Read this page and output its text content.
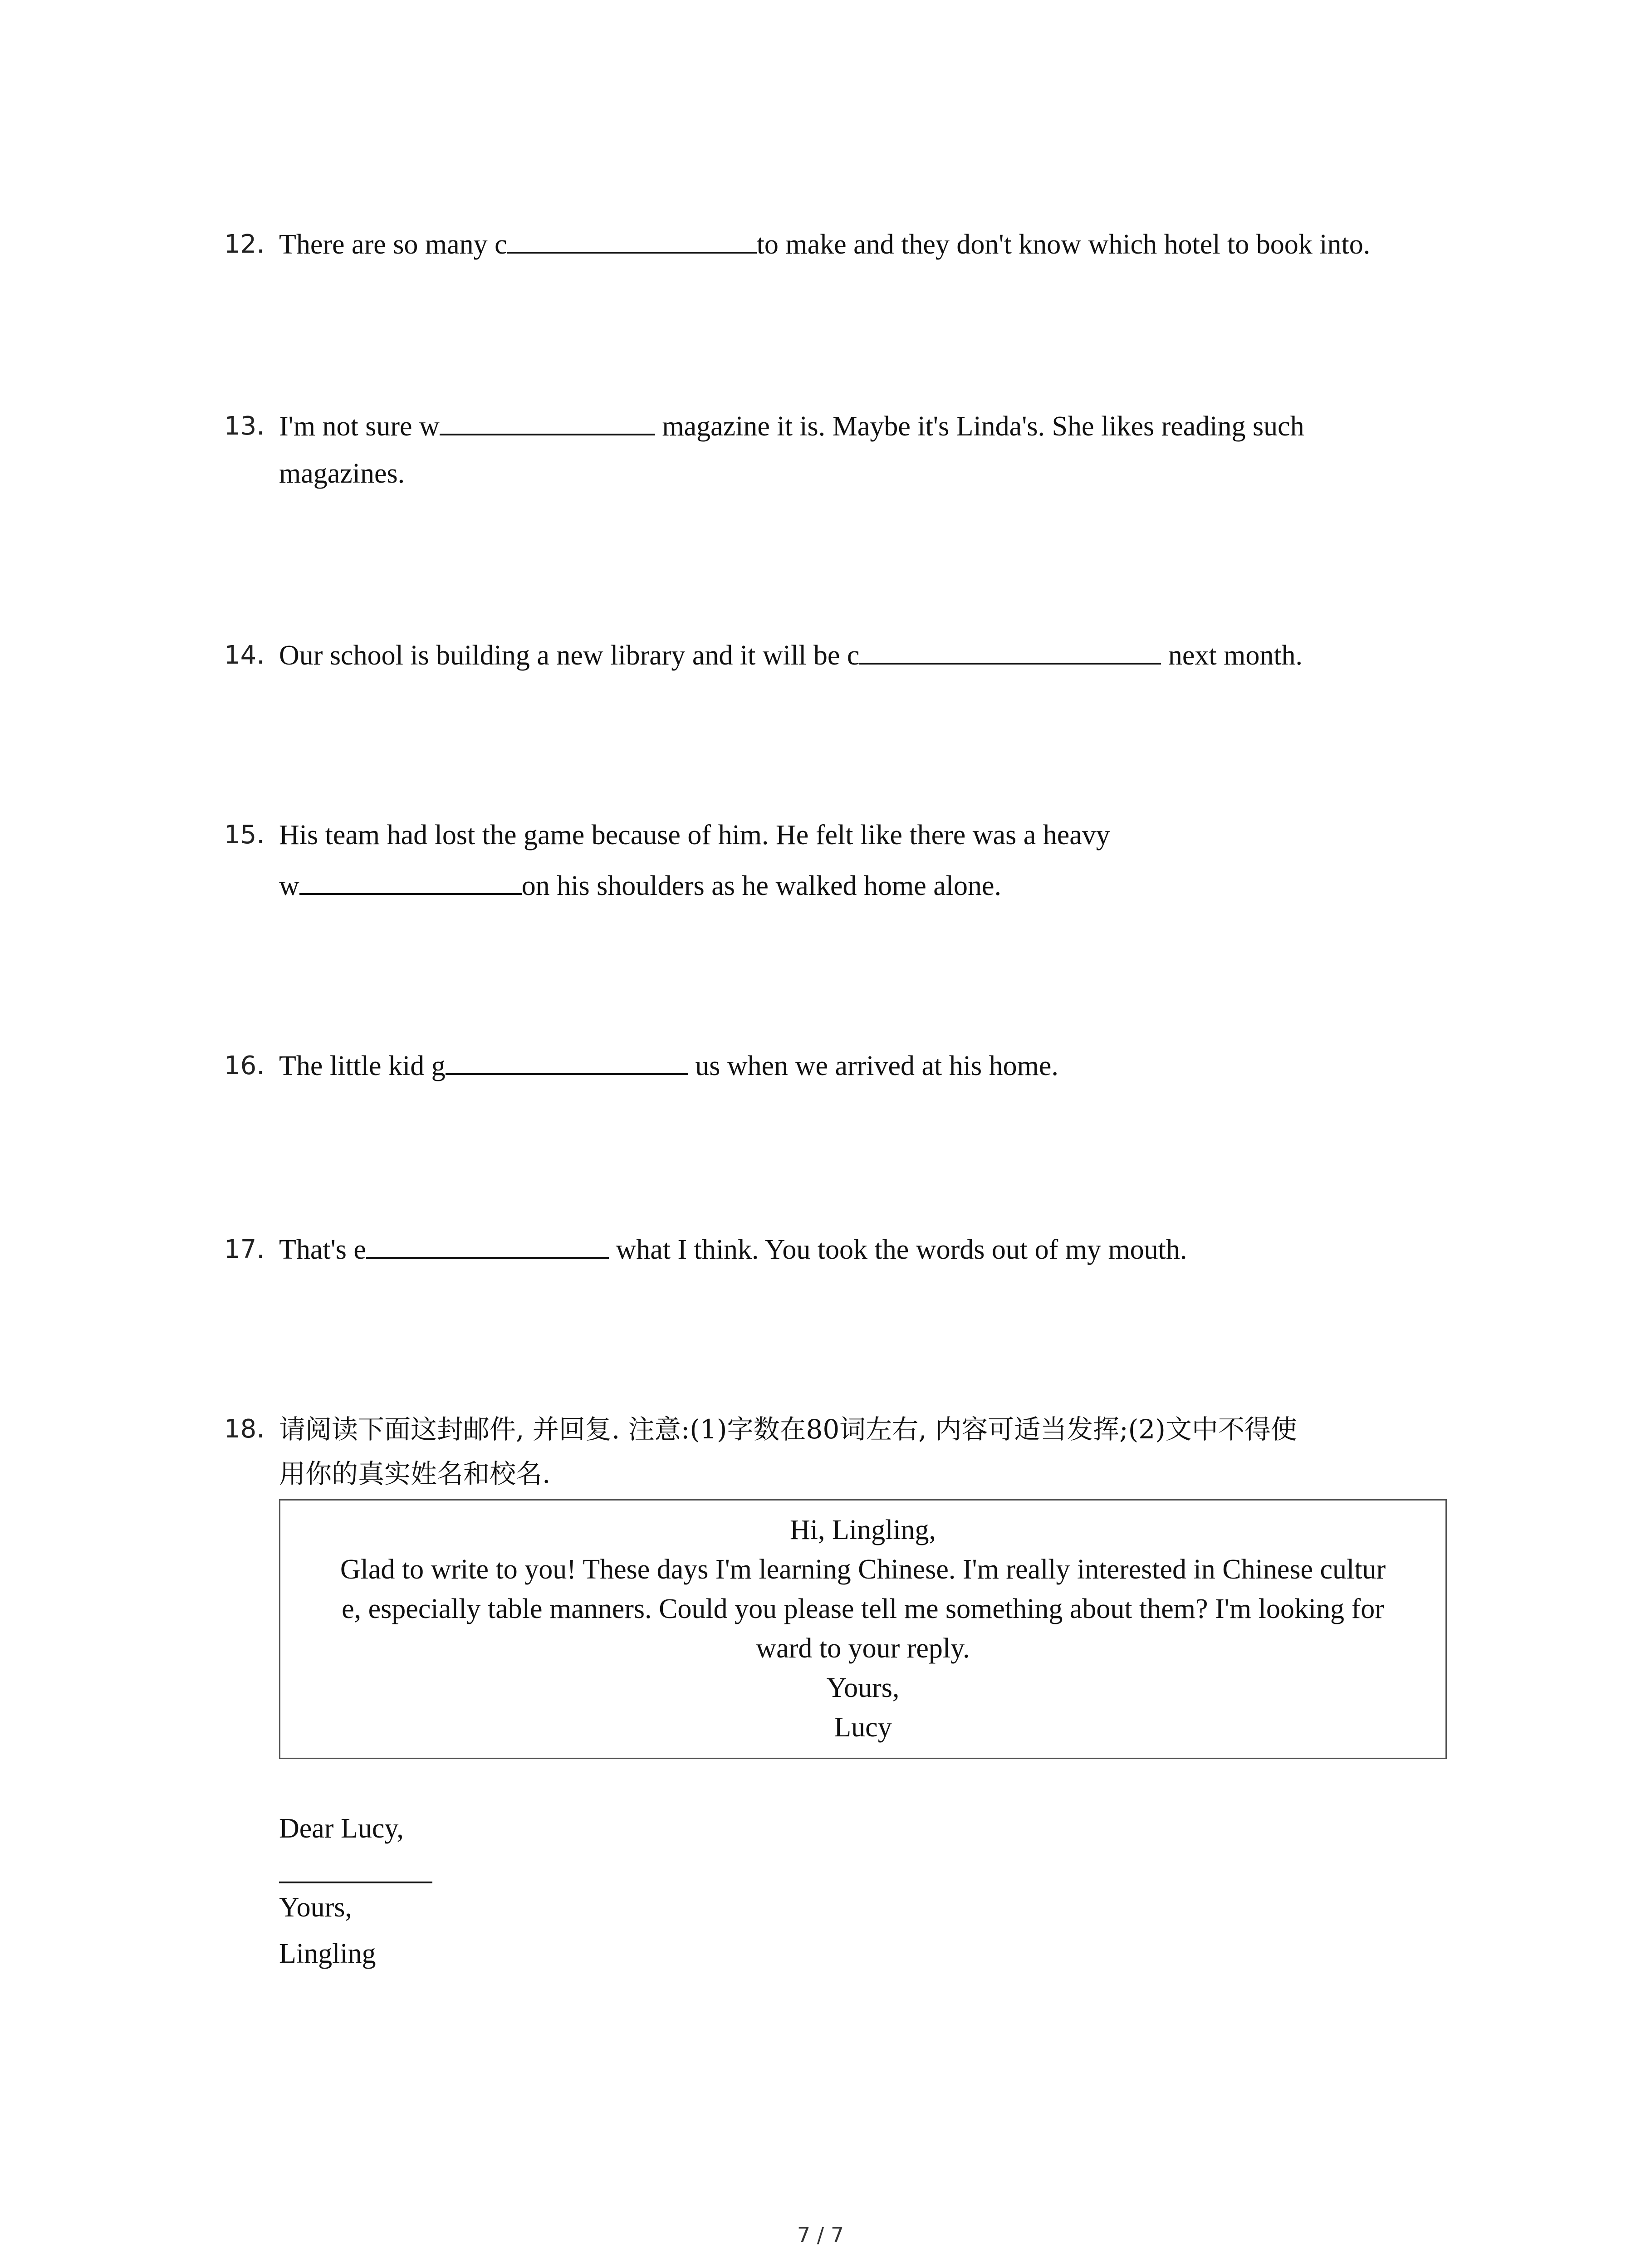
12. There are so many c	to make and they don't know which hotel to book into.
13. I'm not sure w	magazine it is. Maybe it's Linda's. She likes reading such
magazines.
14. Our school is building a new library and it will be c	next month.
15. His team had lost the game because of him. He felt like there was a heavy
w	on his shoulders as he walked home alone.
16. The little kid g	us when we arrived at his home.
17. That's e	what I think. You took the words out of my mouth.
18. 请阅读下面这封邮件, 并回复. 注意:(1)字数在80词左右, 内容可适当发挥;(2)文中不得使
用你的真实姓名和校名.
Hi, Lingling,
Glad to write to you! These days I'm learning Chinese. I'm really interested in Chinese cultur
e, especially table manners. Could you please tell me something about them? I'm looking for
ward to your reply.
Yours,
Lucy
Dear Lucy,
Yours,
Lingling
7 / 7
